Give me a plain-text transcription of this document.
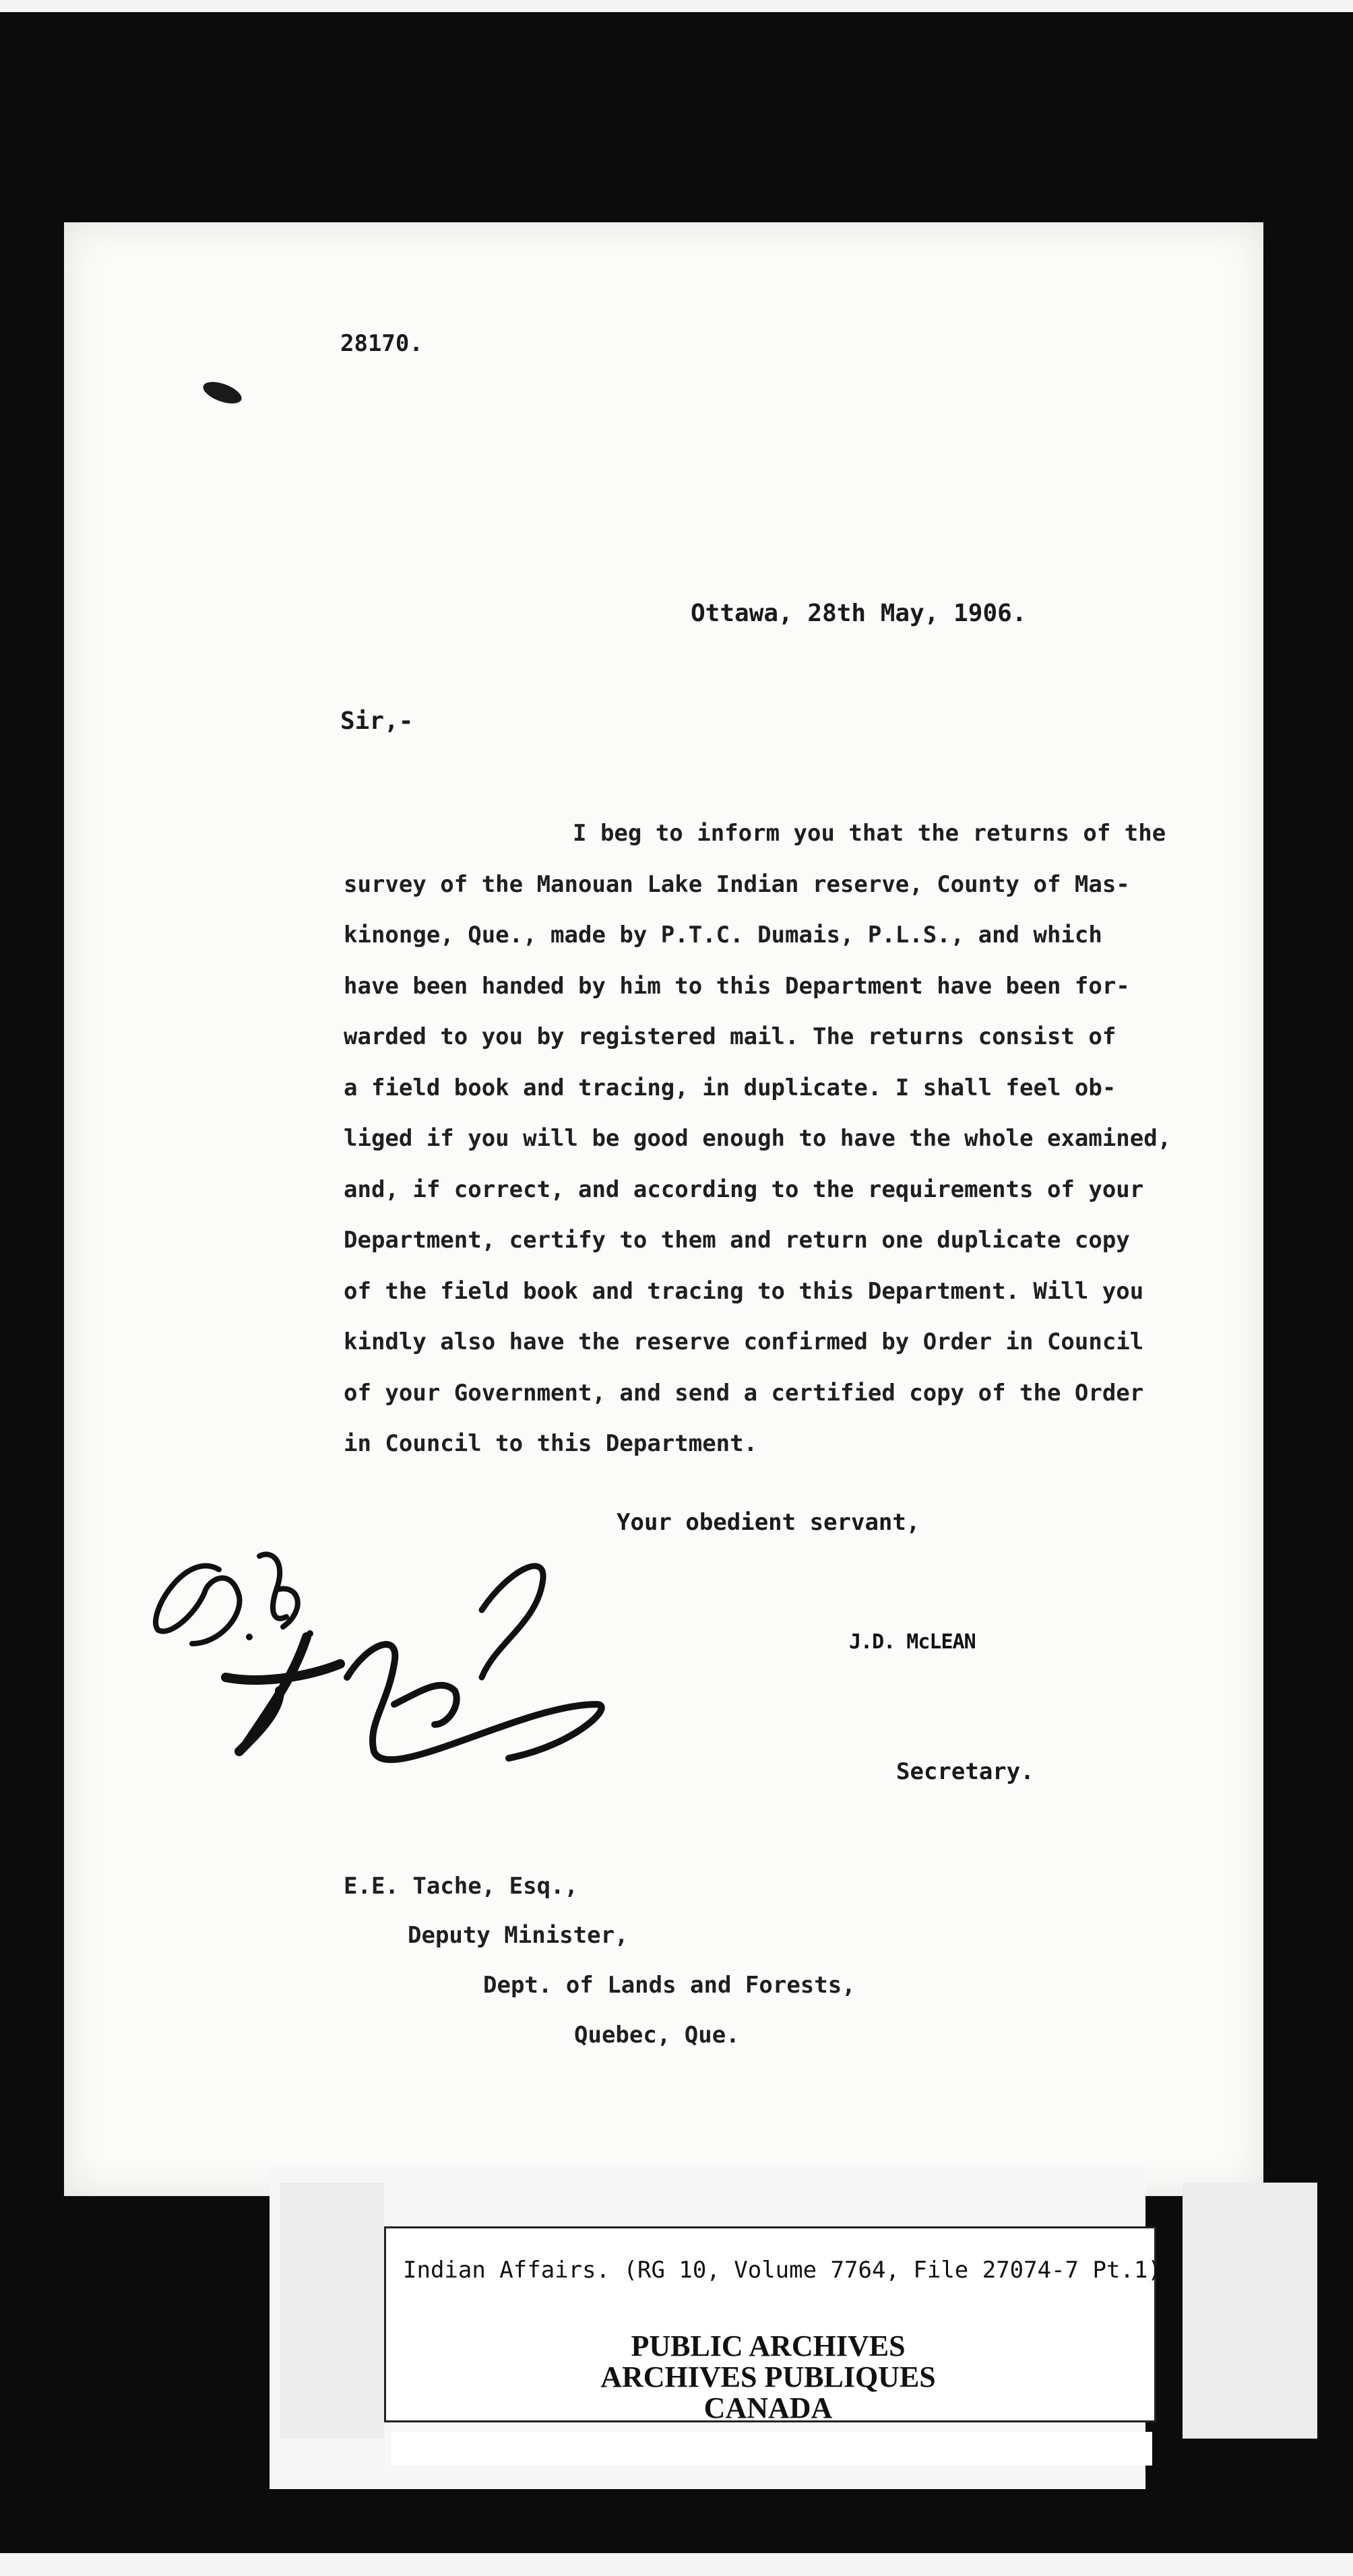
28170.
Ottawa, 28th May, 1906.
Sir,-
I beg to inform you that the returns of the
survey of the Manouan Lake Indian reserve, County of Mas-
kinonge, Que., made by P.T.C. Dumais, P.L.S., and which
have been handed by him to this Department have been for-
warded to you by registered mail. The returns consist of
a field book and tracing, in duplicate. I shall feel ob-
liged if you will be good enough to have the whole examined,
and, if correct, and according to the requirements of your
Department, certify to them and return one duplicate copy
of the field book and tracing to this Department. Will you
kindly also have the reserve confirmed by Order in Council
of your Government, and send a certified copy of the Order
in Council to this Department.
Your obedient servant,
J.D. McLEAN
Secretary.
E.E. Tache, Esq.,
Deputy Minister,
Dept. of Lands and Forests,
Quebec, Que.
Indian Affairs. (RG 10, Volume 7764, File 27074-7 Pt.1)
PUBLIC ARCHIVES
ARCHIVES PUBLIQUES
CANADA
